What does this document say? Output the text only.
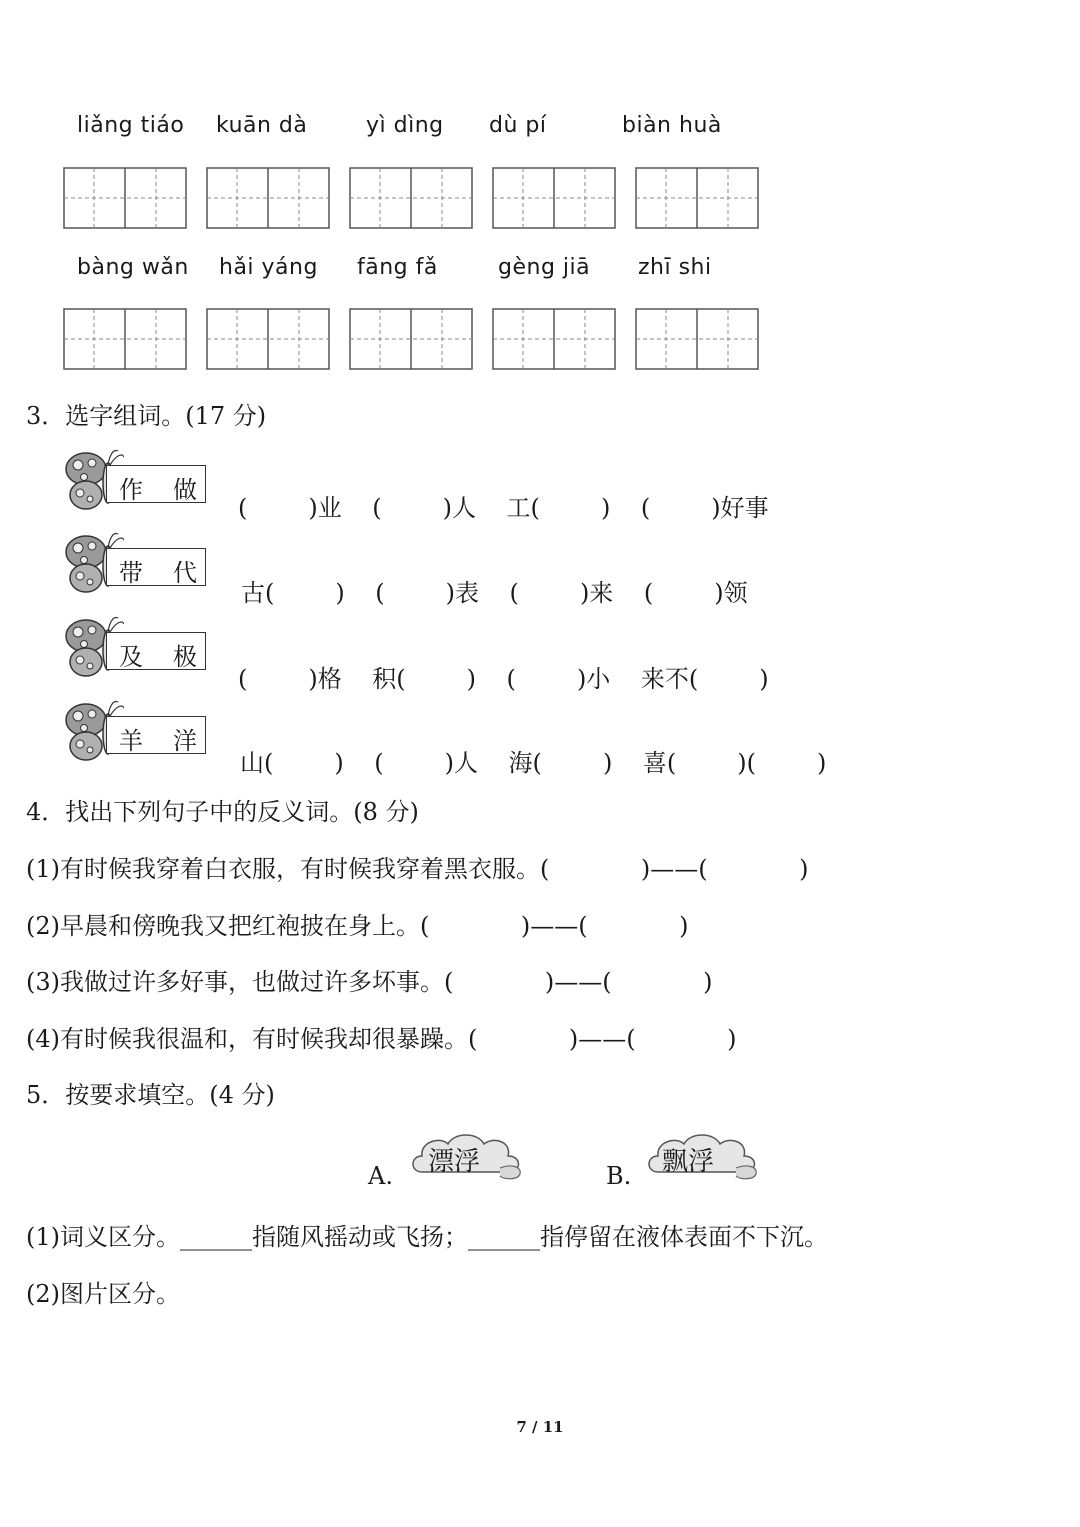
liǎng tiáo kuān dà	yì dìng dù pí	biàn huà
bàng wǎn hǎi yáng fāng fǎ	gèng jiā zhī shi
3．选字组词。(17 分)
作 做
(        )业    (        )人    工(        )    (        )好事
带 代
古(        )    (        )表    (        )来    (        )领
及 极
(        )格    积(        )    (        )小    来不(        )
羊 洋
山(        )    (        )人    海(        )    喜(        )(        )
4．找出下列句子中的反义词。(8 分)
(1)有时候我穿着白衣服，有时候我穿着黑衣服。(            )——(            )
(2)早晨和傍晚我又把红袍披在身上。(            )——(            )
(3)我做过许多好事，也做过许多坏事。(            )——(            )
(4)有时候我很温和，有时候我却很暴躁。(            )——(            )
5．按要求填空。(4 分)
A. 漂浮	B. 飘浮
(1)词义区分。______指随风摇动或飞扬；______指停留在液体表面不下沉。
(2)图片区分。
7 / 11
